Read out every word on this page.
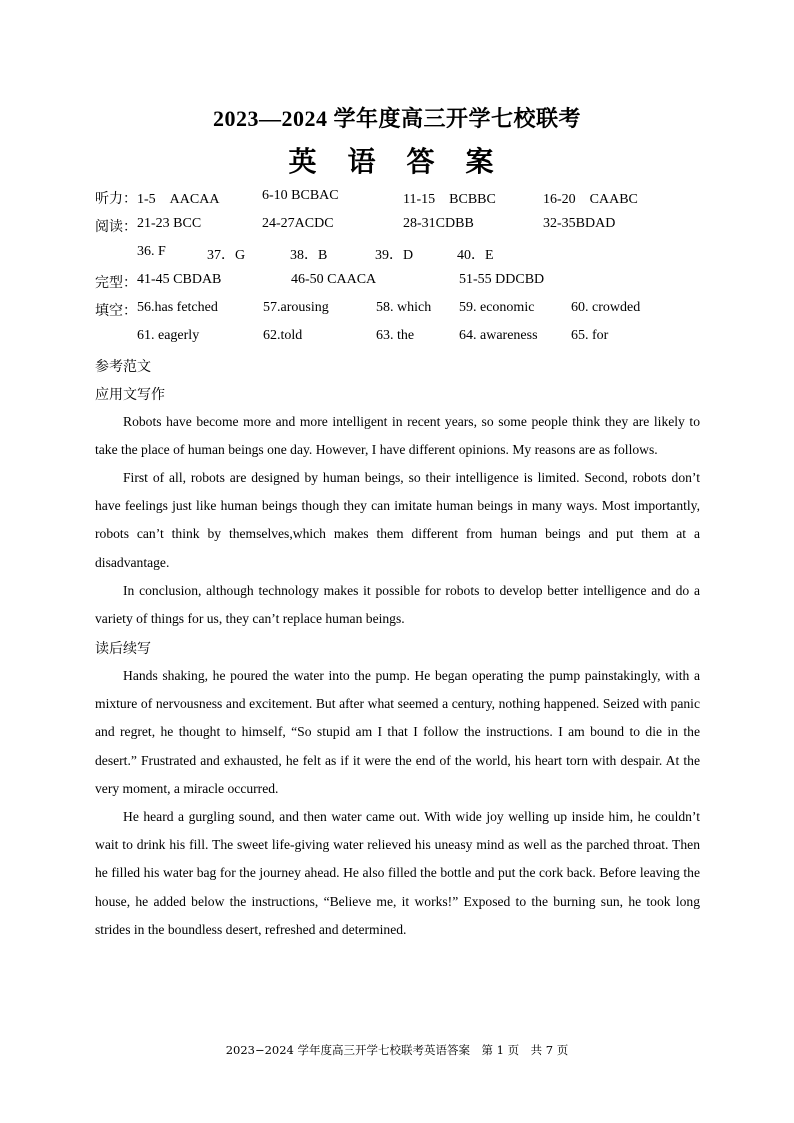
2023—2024 学年度高三开学七校联考
英 语 答 案
听力： 1-5　AACAA	6-10 BCBAC	11-15　BCBBC	16-20　CAABC
阅读： 21-23 BCC	24-27ACDC	28-31CDBB	32-35BDAD
36. F	37．G	38．B	39．D	40．E
完型： 41-45 CBDAB	46-50 CAACA	51-55 DDCBD
填空： 56.has fetched	57.arousing	58. which 59. economic	60. crowded
61. eagerly	62.told	63. the	64. awareness 65. for
参考范文
应用文写作

Robots have become more and more intelligent in recent years, so some people think they are likely to take the place of human beings one day. However, I have different opinions. My reasons are as follows.

First of all, robots are designed by human beings, so their intelligence is limited. Second, robots don’t have feelings just like human beings though they can imitate human beings in many ways. Most importantly, robots can’t think by themselves,which makes them different from human beings and put them at a disadvantage.

In conclusion, although technology makes it possible for robots to develop better intelligence and do a variety of things for us, they can’t replace human beings.

读后续写

Hands shaking, he poured the water into the pump. He began operating the pump painstakingly, with a mixture of nervousness and excitement. But after what seemed a century, nothing happened. Seized with panic and regret, he thought to himself, “So stupid am I that I follow the instructions. I am bound to die in the desert.” Frustrated and exhausted, he felt as if it were the end of the world, his heart torn with despair. At the very moment, a miracle occurred.

He heard a gurgling sound, and then water came out. With wide joy welling up inside him, he couldn’t wait to drink his fill. The sweet life-giving water relieved his uneasy mind as well as the parched throat. Then he filled his water bag for the journey ahead. He also filled the bottle and put the cork back. Before leaving the house, he added below the instructions, “Believe me, it works!” Exposed to the burning sun, he took long strides in the boundless desert, refreshed and determined.

2023−2024 学年度高三开学七校联考英语答案　第 1 页　共 7 页
